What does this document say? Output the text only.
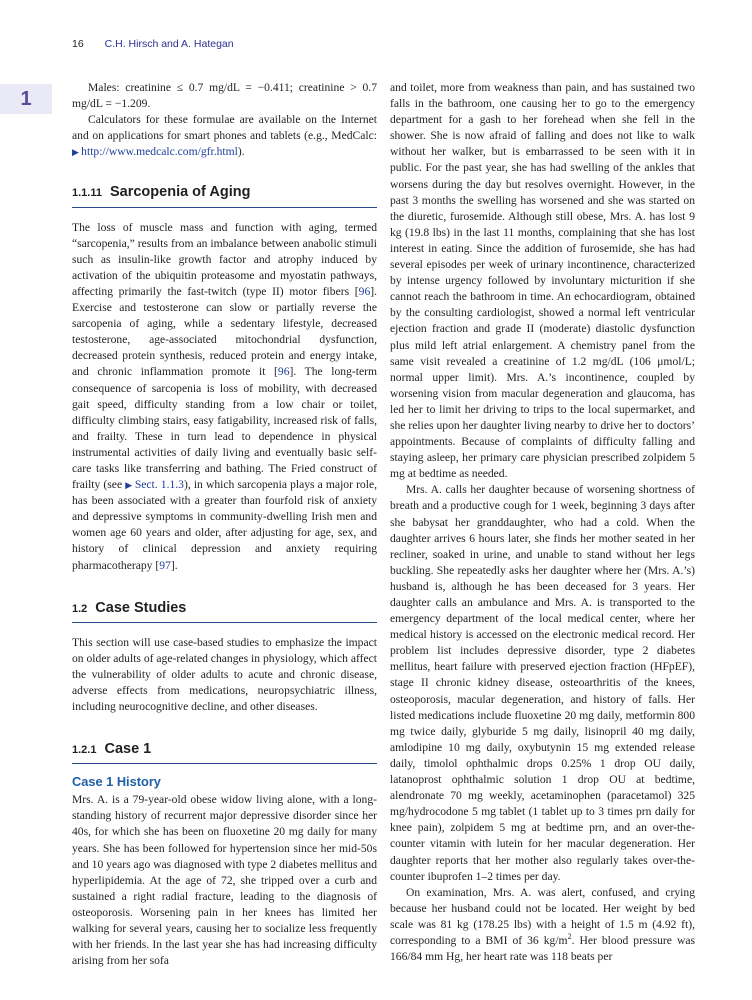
16 C.H. Hirsch and A. Hategan
1

Males: creatinine ≤ 0.7 mg/dL = −0.411; creatinine > 0.7 mg/dL = −1.209.

Calculators for these formulae are available on the Internet and on applications for smart phones and tablets (e.g., MedCalc: ▶ http://www.medcalc.com/gfr.html).

1.1.11 Sarcopenia of Aging

The loss of muscle mass and function with aging, termed “sarcopenia,” results from an imbalance between anabolic stimuli such as insulin-like growth factor and atrophy induced by activation of the ubiquitin proteasome and myostatin pathways, affecting primarily the fast-twitch (type II) motor fibers [96]. Exercise and testosterone can slow or partially reverse the sarcopenia of aging, while a sedentary lifestyle, decreased testosterone, age-associated mitochondrial dysfunction, decreased protein synthesis, reduced protein and energy intake, and chronic inflammation promote it [96]. The long-term consequence of sarcopenia is loss of mobility, with decreased gait speed, difficulty standing from a low chair or toilet, difficulty climbing stairs, easy fatigability, increased risk of falls, and frailty. These in turn lead to dependence in physical instrumental activities of daily living and eventually basic self-care tasks like transferring and bathing. The Fried construct of frailty (see ▶ Sect. 1.1.3), in which sarcopenia plays a major role, has been associated with a greater than fourfold risk of anxiety and depressive symptoms in community-dwelling Irish men and women age 60 years and older, after adjusting for age, sex, and history of clinical depression and anxiety requiring pharmacotherapy [97].

1.2 Case Studies

This section will use case-based studies to emphasize the impact on older adults of age-related changes in physiology, which affect the vulnerability of older adults to acute and chronic disease, adverse effects from medications, neuropsychiatric illness, including neurocognitive decline, and other diseases.

1.2.1 Case 1
Case 1 History

Mrs. A. is a 79-year-old obese widow living alone, with a long-standing history of recurrent major depressive disorder since her 40s, for which she has been on fluoxetine 20 mg daily for many years. She has been followed for hypertension since her mid-50s and 10 years ago was diagnosed with type 2 diabetes mellitus and hyperlipidemia. At the age of 72, she tripped over a curb and sustained a right radial fracture, leading to the diagnosis of osteoporosis. Worsening pain in her knees has limited her walking for several years, causing her to socialize less frequently with her friends. In the last year she has had increasing difficulty arising from her sofa

and toilet, more from weakness than pain, and has sustained two falls in the bathroom, one causing her to go to the emergency department for a gash to her forehead when she fell in the shower. She is now afraid of falling and does not like to walk without her walker, but is embarrassed to be seen with it in public. For the past year, she has had swelling of the ankles that worsens during the day but resolves overnight. However, in the past 3 months the swelling has worsened and she was started on the diuretic, furosemide. Although still obese, Mrs. A. has lost 9 kg (19.8 lbs) in the last 11 months, complaining that she has lost interest in eating. Since the addition of furosemide, she has had several episodes per week of urinary incontinence, characterized by intense urgency followed by involuntary micturition if she cannot reach the bathroom in time. An echocardiogram, obtained by the consulting cardiologist, showed a normal left ventricular ejection fraction and grade II (moderate) diastolic dysfunction plus mild left atrial enlargement. A chemistry panel from the same visit revealed a creatinine of 1.2 mg/dL (106 μmol/L; normal upper limit). Mrs. A.’s incontinence, coupled by worsening vision from macular degeneration and glaucoma, has led her to limit her driving to trips to the local supermarket, and she relies upon her daughter living nearby to drive her to doctors’ appointments. Because of complaints of difficulty falling and staying asleep, her primary care physician prescribed zolpidem 5 mg at bedtime as needed.

Mrs. A. calls her daughter because of worsening shortness of breath and a productive cough for 1 week, beginning 3 days after she babysat her granddaughter, who had a cold. When the daughter arrives 6 hours later, she finds her mother seated in her recliner, soaked in urine, and unable to stand without her legs buckling. She repeatedly asks her daughter where her (Mrs. A.’s) husband is, although he has been deceased for 3 years. Her daughter calls an ambulance and Mrs. A. is transported to the emergency department of the local medical center, where her medical history is accessed on the electronic medical record. Her problem list includes depressive disorder, type 2 diabetes mellitus, heart failure with preserved ejection fraction (HFpEF), stage II chronic kidney disease, osteoarthritis of the knees, osteoporosis, macular degeneration, and history of falls. Her listed medications include fluoxetine 20 mg daily, metformin 800 mg twice daily, glyburide 5 mg daily, lisinopril 40 mg daily, amlodipine 10 mg daily, oxybutynin 15 mg extended release daily, timolol ophthalmic drops 0.25% 1 drop OU daily, latanoprost ophthalmic solution 1 drop OU at bedtime, alendronate 70 mg weekly, acetaminophen (paracetamol) 325 mg/hydrocodone 5 mg tablet (1 tablet up to 3 times prn daily for knee pain), zolpidem 5 mg at bedtime prn, and an over-the-counter vitamin with lutein for her macular degeneration. Her daughter reports that her mother also regularly takes over-the-counter ibuprofen 1–2 times per day.

On examination, Mrs. A. was alert, confused, and crying because her husband could not be located. Her weight by bed scale was 81 kg (178.25 lbs) with a height of 1.5 m (4.92 ft), corresponding to a BMI of 36 $kg/m^2$. Her blood pressure was 166/84 mm Hg, her heart rate was 118 beats per
